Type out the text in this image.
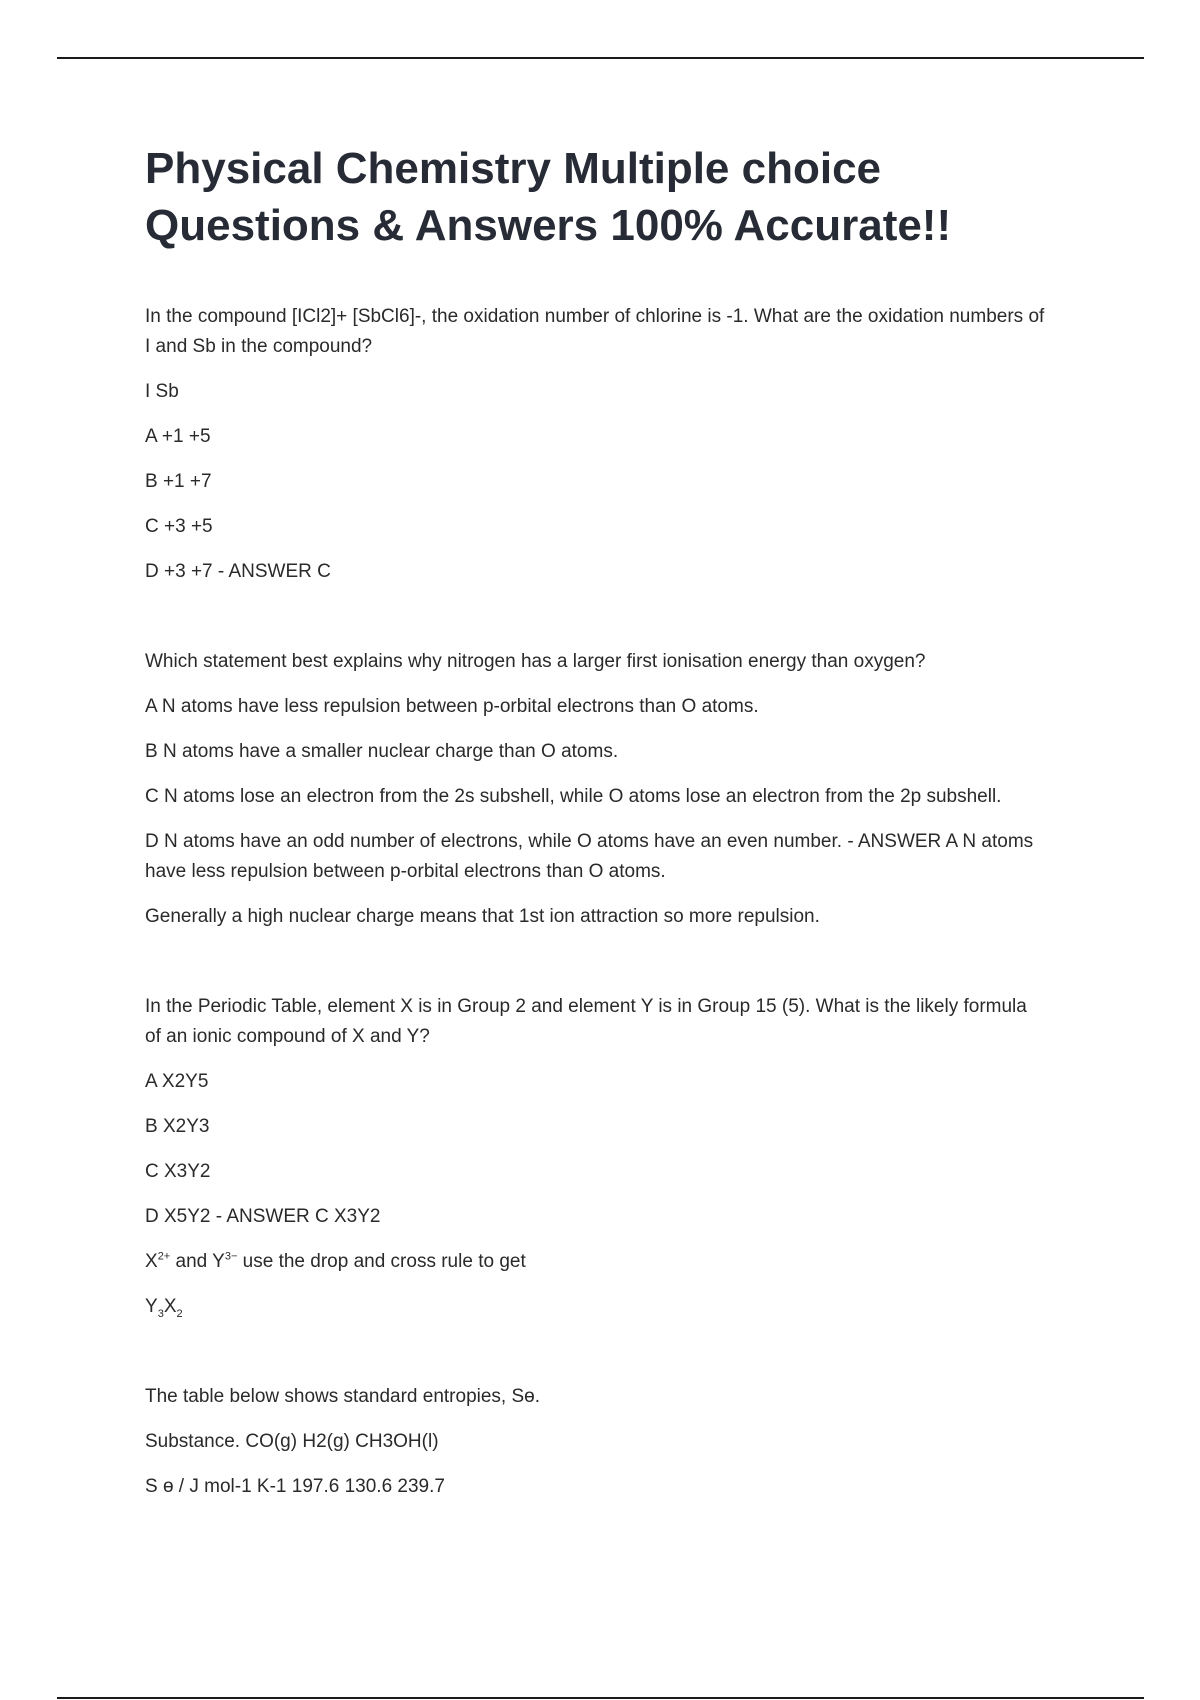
Physical Chemistry Multiple choice Questions & Answers 100% Accurate!!

In the compound [ICl2]+ [SbCl6]-, the oxidation number of chlorine is -1. What are the oxidation numbers of I and Sb in the compound?

I Sb

A +1 +5

B +1 +7

C +3 +5

D +3 +7 - ANSWER C

Which statement best explains why nitrogen has a larger first ionisation energy than oxygen?

A N atoms have less repulsion between p-orbital electrons than O atoms.

B N atoms have a smaller nuclear charge than O atoms.

C N atoms lose an electron from the 2s subshell, while O atoms lose an electron from the 2p subshell.

D N atoms have an odd number of electrons, while O atoms have an even number. - ANSWER A N atoms have less repulsion between p-orbital electrons than O atoms.

Generally a high nuclear charge means that 1st ion attraction so more repulsion.

In the Periodic Table, element X is in Group 2 and element Y is in Group 15 (5). What is the likely formula of an ionic compound of X and Y?

A X2Y5

B X2Y3

C X3Y2

D X5Y2 - ANSWER C X3Y2

$X^{2+}$ and $Y^{3-}$ use the drop and cross rule to get

$Y_3X_2$

The table below shows standard entropies, Sɵ.

Substance. CO(g) H2(g) CH3OH(l)

S ɵ / J mol-1 K-1 197.6 130.6 239.7
